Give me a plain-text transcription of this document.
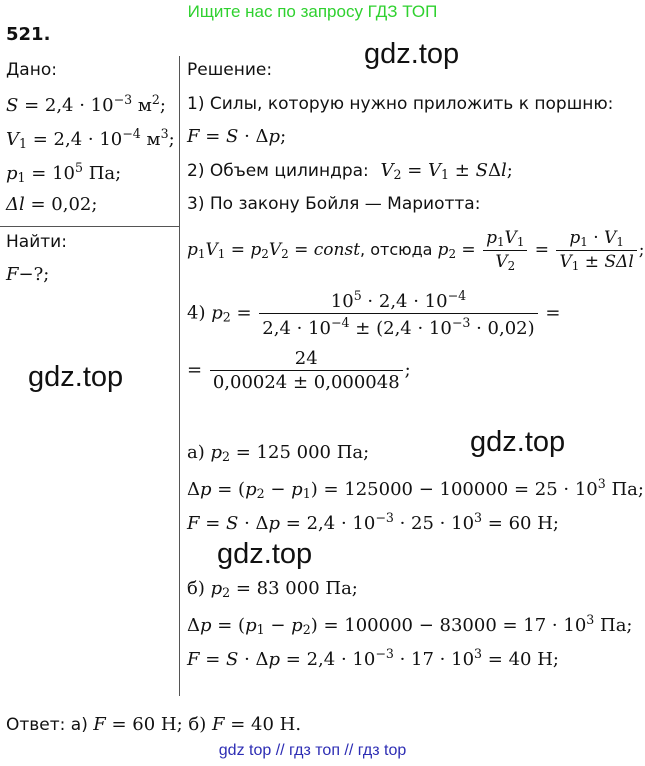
Ищите нас по запросу ГДЗ ТОП
521.
gdz.top
gdz.top
gdz.top
gdz.top
Дано:
$S = 2,4 \cdot 10^{-3}$ $м^2$;
$V_1 = 2,4 \cdot 10^{-4}$ $м^3$;
$p_1 = 10^5$ Па;
Δl = 0,02;
Найти:
F−?;
Решение:
1) Силы, которую нужно приложить к поршню:
F = S · Δp;
2) Объем цилиндра: $V_2 = V_1 \pm S\Delta l$;
3) По закону Бойля — Мариотта:
$p_1V_1 = p_2V_2$ = const, отсюда $p_2 = \frac{p_1V_1}{V_2} = \frac{p_1 \cdot V_1}{V_1 \pm S\Delta l}$ ;
4) $p_2 = \frac{10^5 \cdot 2,4 \cdot 10^{-4}}{2,4 \cdot 10^{-4} \pm (2,4 \cdot 10^{-3} \cdot 0,02)}$ =
= $\frac{24}{0,00024 \pm 0,000048}$ ;
а) $p_2 = 125$ 000 Па;
$\Delta p = (p_2 - p_1) = 125000 - 100000 = 25 \cdot 10^3$ Па;
$F = S \cdot \Delta p = 2,4 \cdot 10^{-3} \cdot 25 \cdot 10^3 = 60$ Н;
б) $p_2 = 83$ 000 Па;
$\Delta p = (p_1 - p_2) = 100000 - 83000 = 17 \cdot 10^3$ Па;
$F = S \cdot \Delta p = 2,4 \cdot 10^{-3} \cdot 17 \cdot 10^3 = 40$ Н;
Ответ: а) F = 60 Н; б) F = 40 Н.
gdz top // гдз топ // гдз top
